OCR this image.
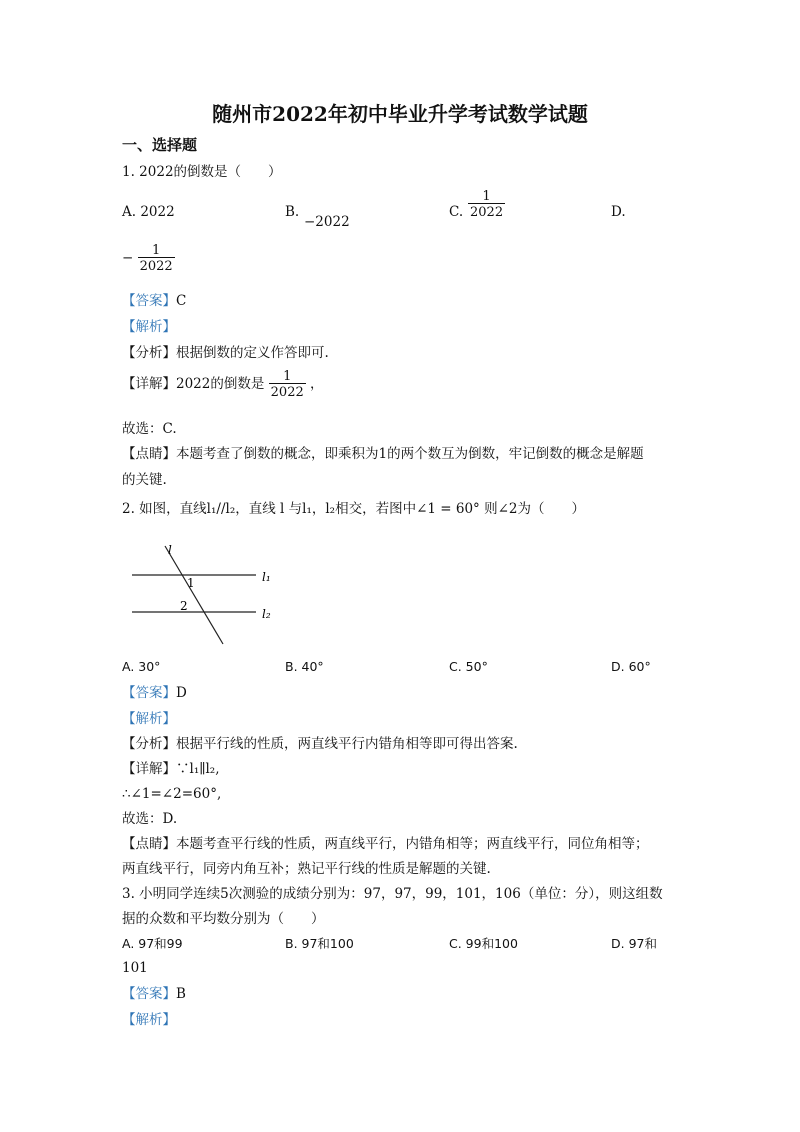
随州市2022年初中毕业升学考试数学试题
一、选择题
1. 2022的倒数是（　　）
A. 2022	B.
−2022
C. $\frac{1}{2022}$	D.
− $\frac{1}{2022}$
【答案】C
【解析】
【分析】根据倒数的定义作答即可.
【详解】2022的倒数是 $\frac{1}{2022}$ ，
故选：C.
【点睛】本题考查了倒数的概念，即乘积为1的两个数互为倒数，牢记倒数的概念是解题
的关键.
2. 如图，直线l₁//l₂，直线 l 与l₁，l₂相交，若图中∠1 = 60° 则∠2为（　　）
l
1
2
l₁
l₂
A. 30°	B. 40°	C. 50°	D. 60°
【答案】D
【解析】
【分析】根据平行线的性质，两直线平行内错角相等即可得出答案.
【详解】∵l₁∥l₂,
∴∠1=∠2=60°,
故选：D.
【点睛】本题考查平行线的性质，两直线平行，内错角相等；两直线平行，同位角相等；
两直线平行，同旁内角互补；熟记平行线的性质是解题的关键.
3. 小明同学连续5次测验的成绩分别为：97，97，99，101，106（单位：分），则这组数
据的众数和平均数分别为（　　）
A. 97和99	B. 97和100	C. 99和100	D. 97和
101
【答案】B
【解析】
